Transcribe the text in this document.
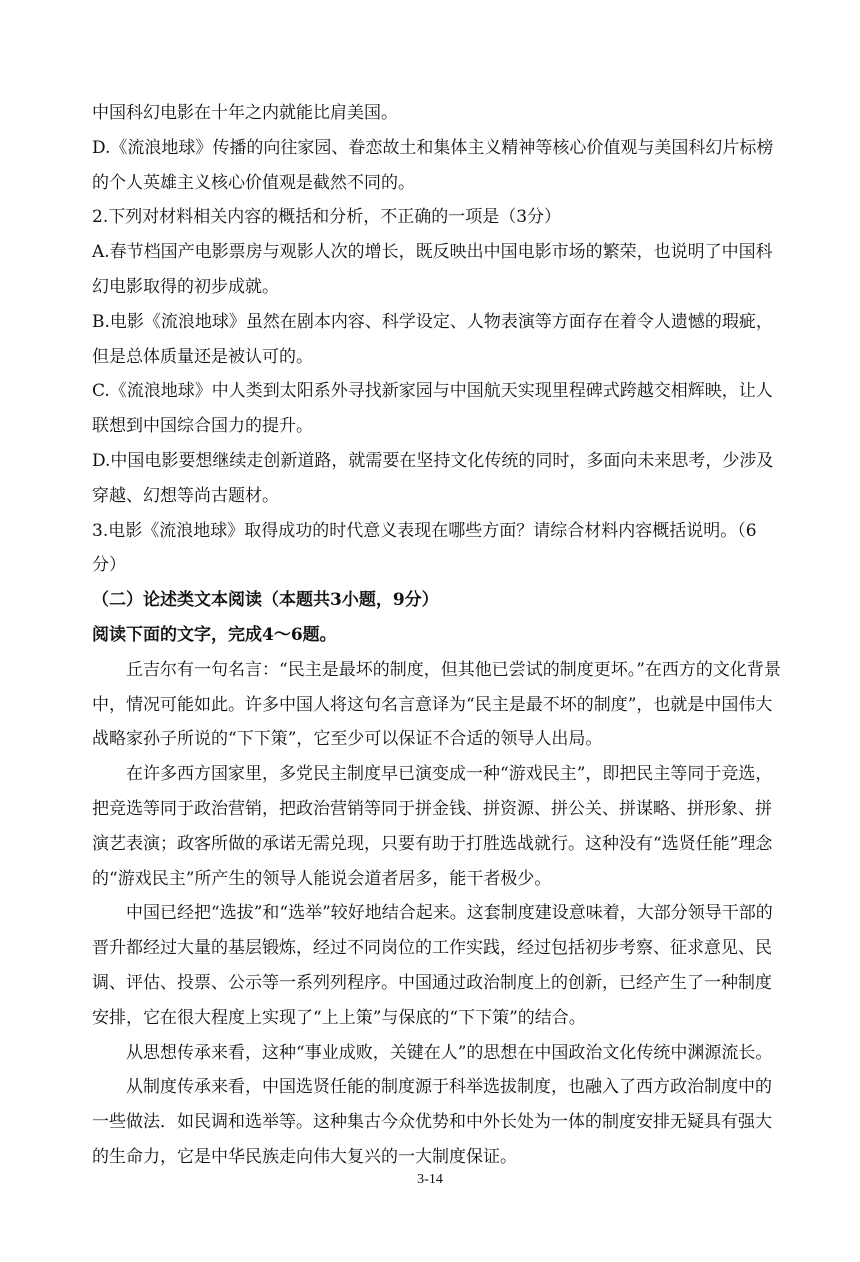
中国科幻电影在十年之内就能比肩美国。

D.《流浪地球》传播的向往家园、眷恋故土和集体主义精神等核心价值观与美国科幻片标榜的个人英雄主义核心价值观是截然不同的。

2.下列对材料相关内容的概括和分析，不正确的一项是（3分）

A.春节档国产电影票房与观影人次的增长，既反映出中国电影市场的繁荣，也说明了中国科幻电影取得的初步成就。

B.电影《流浪地球》虽然在剧本内容、科学设定、人物表演等方面存在着令人遗憾的瑕疵，但是总体质量还是被认可的。

C.《流浪地球》中人类到太阳系外寻找新家园与中国航天实现里程碑式跨越交相辉映，让人联想到中国综合国力的提升。

D.中国电影要想继续走创新道路，就需要在坚持文化传统的同时，多面向未来思考，少涉及穿越、幻想等尚古题材。

3.电影《流浪地球》取得成功的时代意义表现在哪些方面？请综合材料内容概括说明。（6分）

（二）论述类文本阅读（本题共3小题，9分）

阅读下面的文字，完成4～6题。

丘吉尔有一句名言：“民主是最坏的制度，但其他已尝试的制度更坏。”在西方的文化背景中，情况可能如此。许多中国人将这句名言意译为“民主是最不坏的制度”，也就是中国伟大战略家孙子所说的“下下策”，它至少可以保证不合适的领导人出局。

在许多西方国家里，多党民主制度早已演变成一种“游戏民主”，即把民主等同于竞选，把竞选等同于政治营销，把政治营销等同于拼金钱、拼资源、拼公关、拼谋略、拼形象、拼演艺表演；政客所做的承诺无需兑现，只要有助于打胜选战就行。这种没有“选贤任能”理念的“游戏民主”所产生的领导人能说会道者居多，能干者极少。

中国已经把“选拔”和“选举”较好地结合起来。这套制度建设意味着，大部分领导干部的晋升都经过大量的基层锻炼，经过不同岗位的工作实践，经过包括初步考察、征求意见、民调、评估、投票、公示等一系列列程序。中国通过政治制度上的创新，已经产生了一种制度安排，它在很大程度上实现了“上上策”与保底的“下下策”的结合。

从思想传承来看，这种“事业成败，关键在人”的思想在中国政治文化传统中渊源流长。

从制度传承来看，中国选贤任能的制度源于科举选拔制度，也融入了西方政治制度中的一些做法．如民调和选举等。这种集古今众优势和中外长处为一体的制度安排无疑具有强大的生命力，它是中华民族走向伟大复兴的一大制度保证。

3-14
